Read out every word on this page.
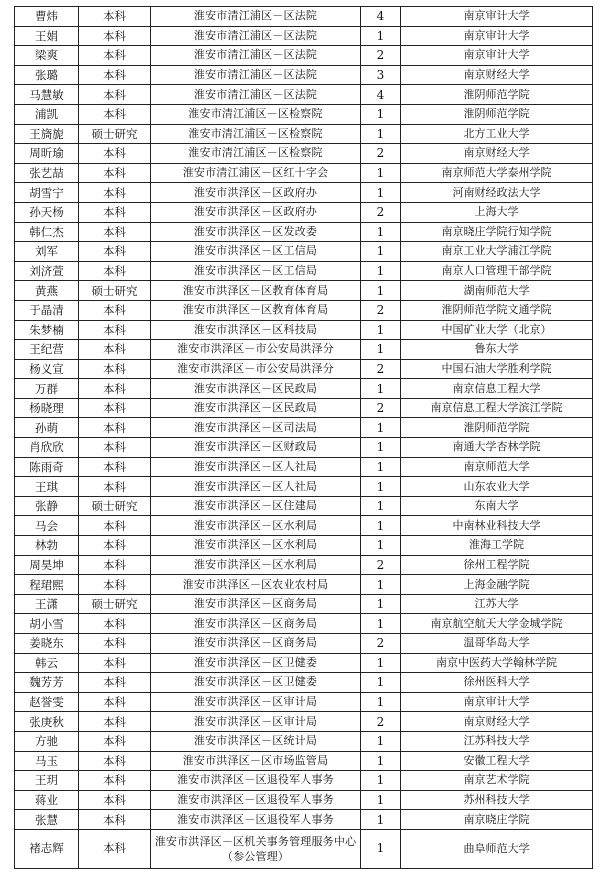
曹炜	本科	淮安市清江浦区－区法院	4	南京审计大学
王娟	本科	淮安市清江浦区－区法院	1	南京审计大学
梁爽	本科	淮安市清江浦区－区法院	2	南京审计大学
张璐	本科	淮安市清江浦区－区法院	3	南京财经大学
马慧敏	本科	淮安市清江浦区－区法院	4	淮阴师范学院
浦凯	本科	淮安市清江浦区－区检察院	1	淮阴师范学院
王旖旎	硕士研究	淮安市清江浦区－区检察院	1	北方工业大学
周昕瑜	本科	淮安市清江浦区－区检察院	2	南京财经大学
张艺喆	本科	淮安市清江浦区－区红十字会	1	南京师范大学泰州学院
胡雪宁	本科	淮安市洪泽区－区政府办	1	河南财经政法大学
孙天杨	本科	淮安市洪泽区－区政府办	2	上海大学
韩仁杰	本科	淮安市洪泽区－区发改委	1	南京晓庄学院行知学院
刘军	本科	淮安市洪泽区－区工信局	1	南京工业大学浦江学院
刘济萱	本科	淮安市洪泽区－区工信局	1	南京人口管理干部学院
黄燕	硕士研究	淮安市洪泽区－区教育体育局	1	湖南师范大学
于晶清	本科	淮安市洪泽区－区教育体育局	2	淮阴师范学院文通学院
朱梦楠	本科	淮安市洪泽区－区科技局	1	中国矿业大学（北京）
王纪营	本科	淮安市洪泽区－市公安局洪泽分	1	鲁东大学
杨义宣	本科	淮安市洪泽区－市公安局洪泽分	2	中国石油大学胜利学院
万群	本科	淮安市洪泽区－区民政局	1	南京信息工程大学
杨晓理	本科	淮安市洪泽区－区民政局	2	南京信息工程大学滨江学院
孙萌	本科	淮安市洪泽区－区司法局	1	淮阴师范学院
肖欣欣	本科	淮安市洪泽区－区财政局	1	南通大学杏林学院
陈雨奇	本科	淮安市洪泽区－区人社局	1	南京师范大学
王琪	本科	淮安市洪泽区－区人社局	1	山东农业大学
张静	硕士研究	淮安市洪泽区－区住建局	1	东南大学
马会	本科	淮安市洪泽区－区水利局	1	中南林业科技大学
林勃	本科	淮安市洪泽区－区水利局	1	淮海工学院
周昊坤	本科	淮安市洪泽区－区水利局	2	徐州工程学院
程珺熙	本科	淮安市洪泽区－区农业农村局	1	上海金融学院
王潇	硕士研究	淮安市洪泽区－区商务局	1	江苏大学
胡小雪	本科	淮安市洪泽区－区商务局	1	南京航空航天大学金城学院
姜晓东	本科	淮安市洪泽区－区商务局	2	温哥华岛大学
韩云	本科	淮安市洪泽区－区卫健委	1	南京中医药大学翰林学院
魏芳芳	本科	淮安市洪泽区－区卫健委	1	徐州医科大学
赵誉雯	本科	淮安市洪泽区－区审计局	1	南京审计大学
张庚秋	本科	淮安市洪泽区－区审计局	2	南京财经大学
方驰	本科	淮安市洪泽区－区统计局	1	江苏科技大学
马玉	本科	淮安市洪泽区－区市场监管局	1	安徽工程大学
王玥	本科	淮安市洪泽区－区退役军人事务	1	南京艺术学院
蒋业	本科	淮安市洪泽区－区退役军人事务	1	苏州科技大学
张慧	本科	淮安市洪泽区－区退役军人事务	1	南京晓庄学院
褚志辉	本科	淮安市洪泽区－区机关事务管理服务中心（参公管理）	1	曲阜师范大学
